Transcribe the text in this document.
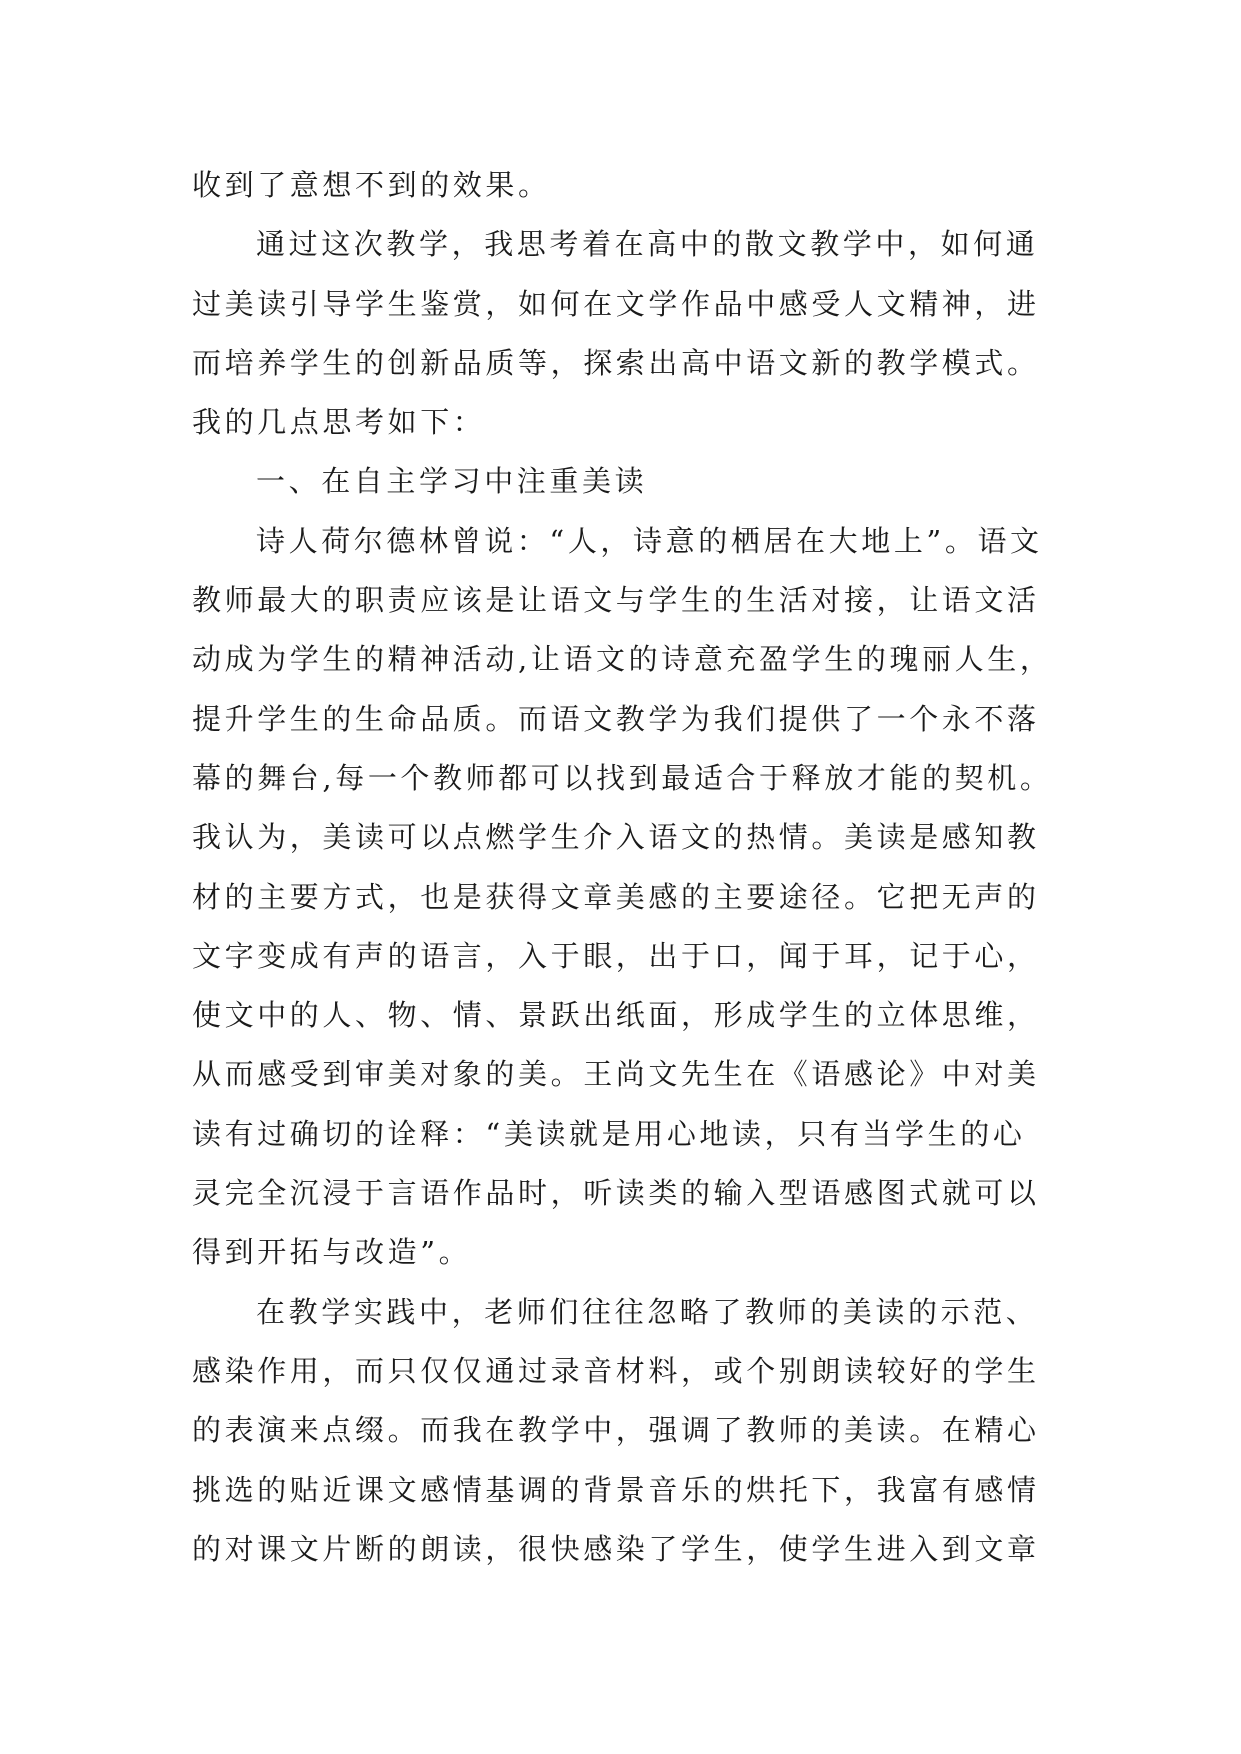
收到了意想不到的效果。
通过这次教学，我思考着在高中的散文教学中，如何通
过美读引导学生鉴赏，如何在文学作品中感受人文精神，进
而培养学生的创新品质等，探索出高中语文新的教学模式。
我的几点思考如下：
一、在自主学习中注重美读
诗人荷尔德林曾说：“人，诗意的栖居在大地上”。语文
教师最大的职责应该是让语文与学生的生活对接，让语文活
动成为学生的精神活动,让语文的诗意充盈学生的瑰丽人生，
提升学生的生命品质。而语文教学为我们提供了一个永不落
幕的舞台,每一个教师都可以找到最适合于释放才能的契机。
我认为，美读可以点燃学生介入语文的热情。美读是感知教
材的主要方式，也是获得文章美感的主要途径。它把无声的
文字变成有声的语言，入于眼，出于口，闻于耳，记于心，
使文中的人、物、情、景跃出纸面，形成学生的立体思维，
从而感受到审美对象的美。王尚文先生在《语感论》中对美
读有过确切的诠释：“美读就是用心地读，只有当学生的心
灵完全沉浸于言语作品时，听读类的输入型语感图式就可以
得到开拓与改造”。
在教学实践中，老师们往往忽略了教师的美读的示范、
感染作用，而只仅仅通过录音材料，或个别朗读较好的学生
的表演来点缀。而我在教学中，强调了教师的美读。在精心
挑选的贴近课文感情基调的背景音乐的烘托下，我富有感情
的对课文片断的朗读，很快感染了学生，使学生进入到文章
